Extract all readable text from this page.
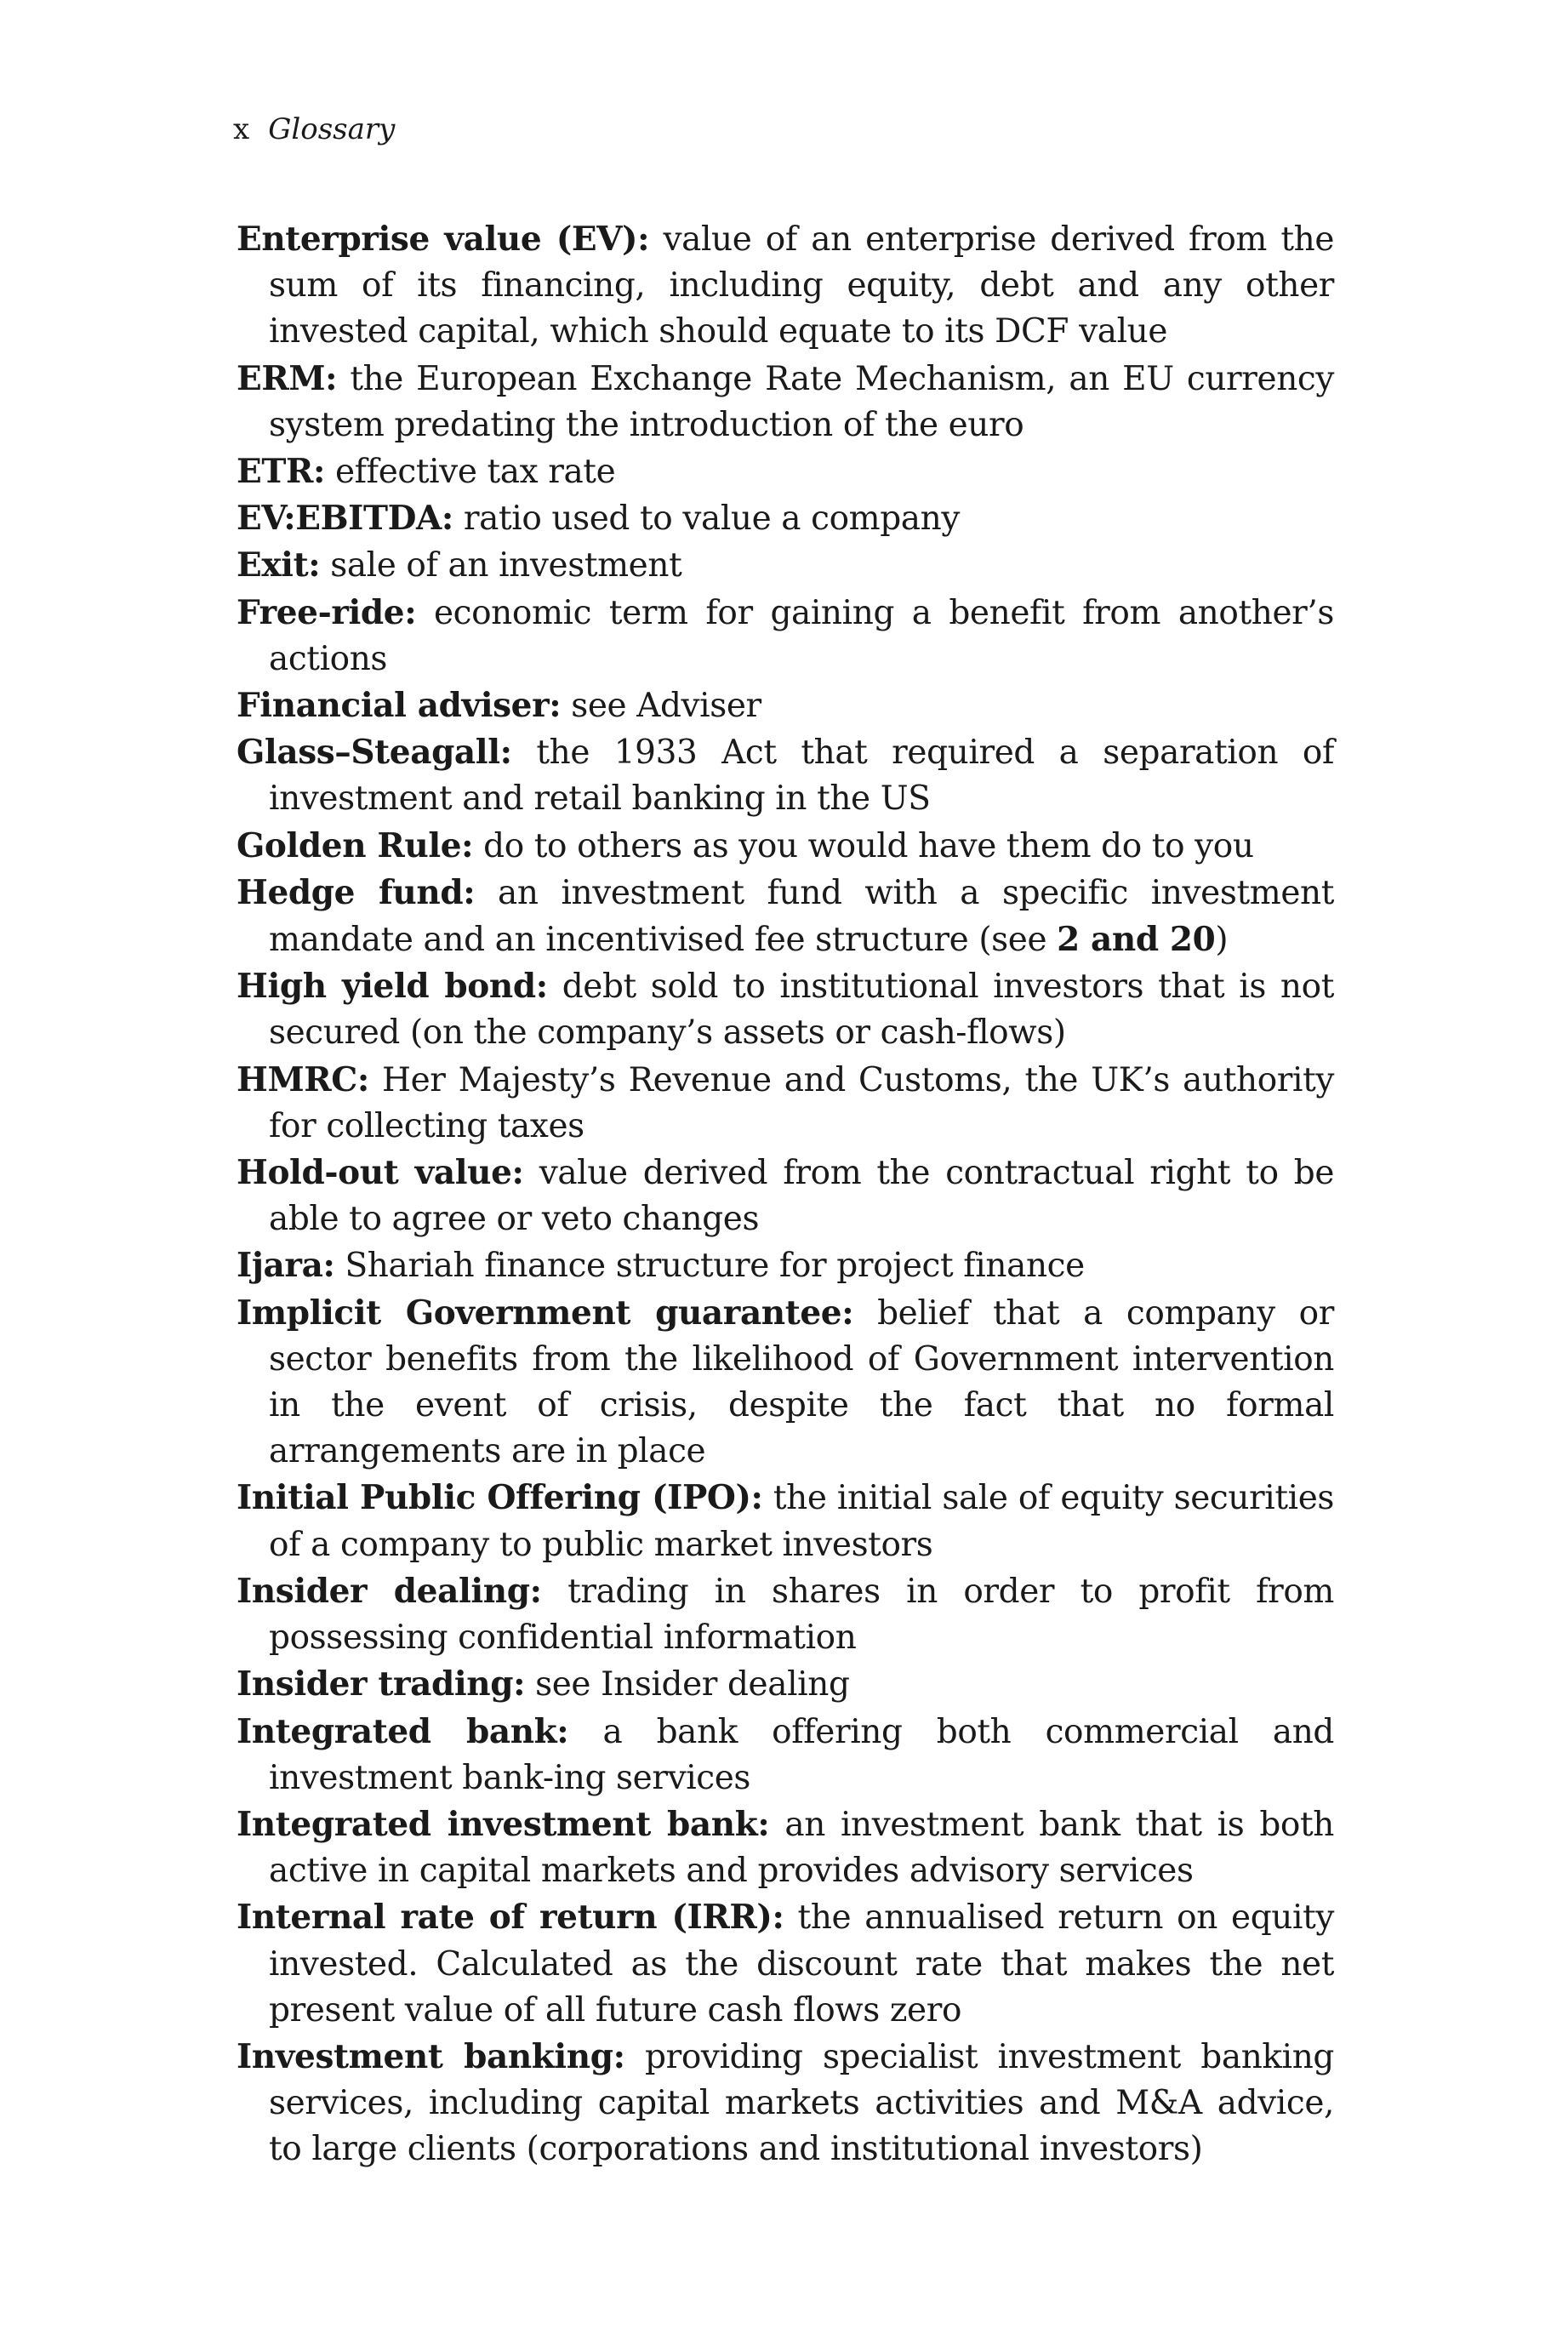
x Glossary

Enterprise value (EV): value of an enterprise derived from the sum of its financing, including equity, debt and any other invested capital, which should equate to its DCF value

ERM: the European Exchange Rate Mechanism, an EU currency system predating the introduction of the euro

ETR: effective tax rate

EV:EBITDA: ratio used to value a company

Exit: sale of an investment

Free-ride: economic term for gaining a benefit from another’s actions

Financial adviser: see Adviser

Glass–Steagall: the 1933 Act that required a separation of investment and retail banking in the US

Golden Rule: do to others as you would have them do to you

Hedge fund: an investment fund with a specific investment mandate and an incentivised fee structure (see 2 and 20)

High yield bond: debt sold to institutional investors that is not secured (on the company’s assets or cash-flows)

HMRC: Her Majesty’s Revenue and Customs, the UK’s authority for collecting taxes

Hold-out value: value derived from the contractual right to be able to agree or veto changes

Ijara: Shariah finance structure for project finance

Implicit Government guarantee: belief that a company or sector benefits from the likelihood of Government intervention in the event of crisis, despite the fact that no formal arrangements are in place

Initial Public Offering (IPO): the initial sale of equity securities of a company to public market investors

Insider dealing: trading in shares in order to profit from possessing confidential information

Insider trading: see Insider dealing

Integrated bank: a bank offering both commercial and investment bank-ing services

Integrated investment bank: an investment bank that is both active in capital markets and provides advisory services

Internal rate of return (IRR): the annualised return on equity invested. Calculated as the discount rate that makes the net present value of all future cash flows zero

Investment banking: providing specialist investment banking services, including capital markets activities and M&A advice, to large clients (corporations and institutional investors)
